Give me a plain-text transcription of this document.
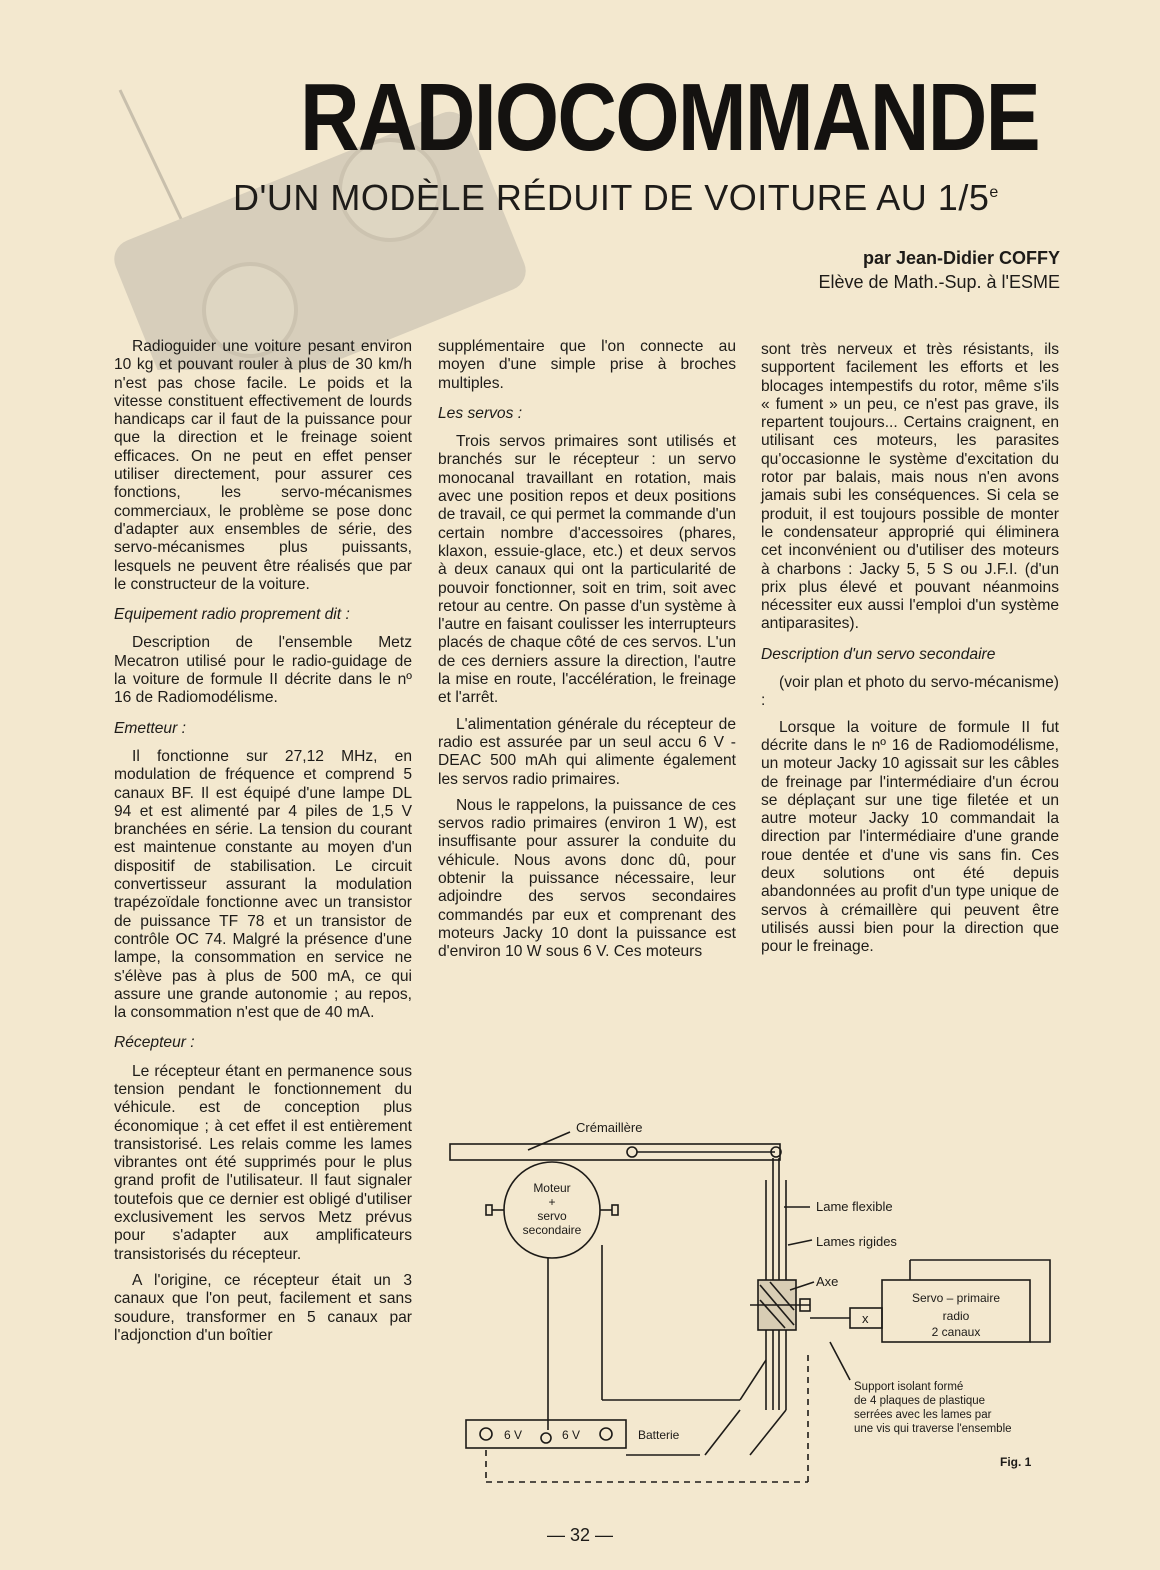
RADIOCOMMANDE
D'UN MODÈLE RÉDUIT DE VOITURE AU 1/5e
par Jean-Didier COFFY
Elève de Math.-Sup. à l'ESME

Radioguider une voiture pesant environ 10 kg et pouvant rouler à plus de 30 km/h n'est pas chose facile. Le poids et la vitesse constituent effectivement de lourds handicaps car il faut de la puissance pour que la direction et le freinage soient efficaces. On ne peut en effet penser utiliser directement, pour assurer ces fonctions, les servo-mécanismes commerciaux, le problème se pose donc d'adapter aux ensembles de série, des servo-mécanismes plus puissants, lesquels ne peuvent être réalisés que par le constructeur de la voiture.

Equipement radio proprement dit :

Description de l'ensemble Metz Mecatron utilisé pour le radio-guidage de la voiture de formule II décrite dans le nº 16 de Radiomodélisme.

Emetteur :

Il fonctionne sur 27,12 MHz, en modulation de fréquence et comprend 5 canaux BF. Il est équipé d'une lampe DL 94 et est alimenté par 4 piles de 1,5 V branchées en série. La tension du courant est maintenue constante au moyen d'un dispositif de stabilisation. Le circuit convertisseur assurant la modulation trapézoïdale fonctionne avec un transistor de puissance TF 78 et un transistor de contrôle OC 74. Malgré la présence d'une lampe, la consommation en service ne s'élève pas à plus de 500 mA, ce qui assure une grande autonomie ; au repos, la consommation n'est que de 40 mA.

Récepteur :

Le récepteur étant en permanence sous tension pendant le fonctionnement du véhicule. est de conception plus économique ; à cet effet il est entièrement transistorisé. Les relais comme les lames vibrantes ont été supprimés pour le plus grand profit de l'utilisateur. Il faut signaler toutefois que ce dernier est obligé d'utiliser exclusivement les servos Metz prévus pour s'adapter aux amplificateurs transistorisés du récepteur.

A l'origine, ce récepteur était un 3 canaux que l'on peut, facilement et sans soudure, transformer en 5 canaux par l'adjonction d'un boîtier

supplémentaire que l'on connecte au moyen d'une simple prise à broches multiples.

Les servos :

Trois servos primaires sont utilisés et branchés sur le récepteur : un servo monocanal travaillant en rotation, mais avec une position repos et deux positions de travail, ce qui permet la commande d'un certain nombre d'accessoires (phares, klaxon, essuie-glace, etc.) et deux servos à deux canaux qui ont la particularité de pouvoir fonctionner, soit en trim, soit avec retour au centre. On passe d'un système à l'autre en faisant coulisser les interrupteurs placés de chaque côté de ces servos. L'un de ces derniers assure la direction, l'autre la mise en route, l'accélération, le freinage et l'arrêt.

L'alimentation générale du récepteur de radio est assurée par un seul accu 6 V - DEAC 500 mAh qui alimente également les servos radio primaires.

Nous le rappelons, la puissance de ces servos radio primaires (environ 1 W), est insuffisante pour assurer la conduite du véhicule. Nous avons donc dû, pour obtenir la puissance nécessaire, leur adjoindre des servos secondaires commandés par eux et comprenant des moteurs Jacky 10 dont la puissance est d'environ 10 W sous 6 V. Ces moteurs

sont très nerveux et très résistants, ils supportent facilement les efforts et les blocages intempestifs du rotor, même s'ils « fument » un peu, ce n'est pas grave, ils repartent toujours... Certains craignent, en utilisant ces moteurs, les parasites qu'occasionne le système d'excitation du rotor par balais, mais nous n'en avons jamais subi les conséquences. Si cela se produit, il est toujours possible de monter le condensateur approprié qui éliminera cet inconvénient ou d'utiliser des moteurs à charbons : Jacky 5, 5 S ou J.F.I. (d'un prix plus élevé et pouvant néanmoins nécessiter eux aussi l'emploi d'un système antiparasites).

Description d'un servo secondaire

(voir plan et photo du servo-mécanisme) :

Lorsque la voiture de formule II fut décrite dans le nº 16 de Radiomodélisme, un moteur Jacky 10 agissait sur les câbles de freinage par l'intermédiaire d'un écrou se déplaçant sur une tige filetée et un autre moteur Jacky 10 commandait la direction par l'intermédiaire d'une grande roue dentée et d'une vis sans fin. Ces deux solutions ont été depuis abandonnées au profit d'un type unique de servos à crémaillère qui peuvent être utilisés aussi bien pour la direction que pour le freinage.

Crémaillère
Moteur
+
servo
secondaire
Lame flexible
Lames rigides
Axe
Servo – primaire
radio
2 canaux
x
Support isolant formé
de 4 plaques de plastique
serrées avec les lames par
une vis qui traverse l'ensemble
6 V	6 V	Batterie
Fig. 1
— 32 —
